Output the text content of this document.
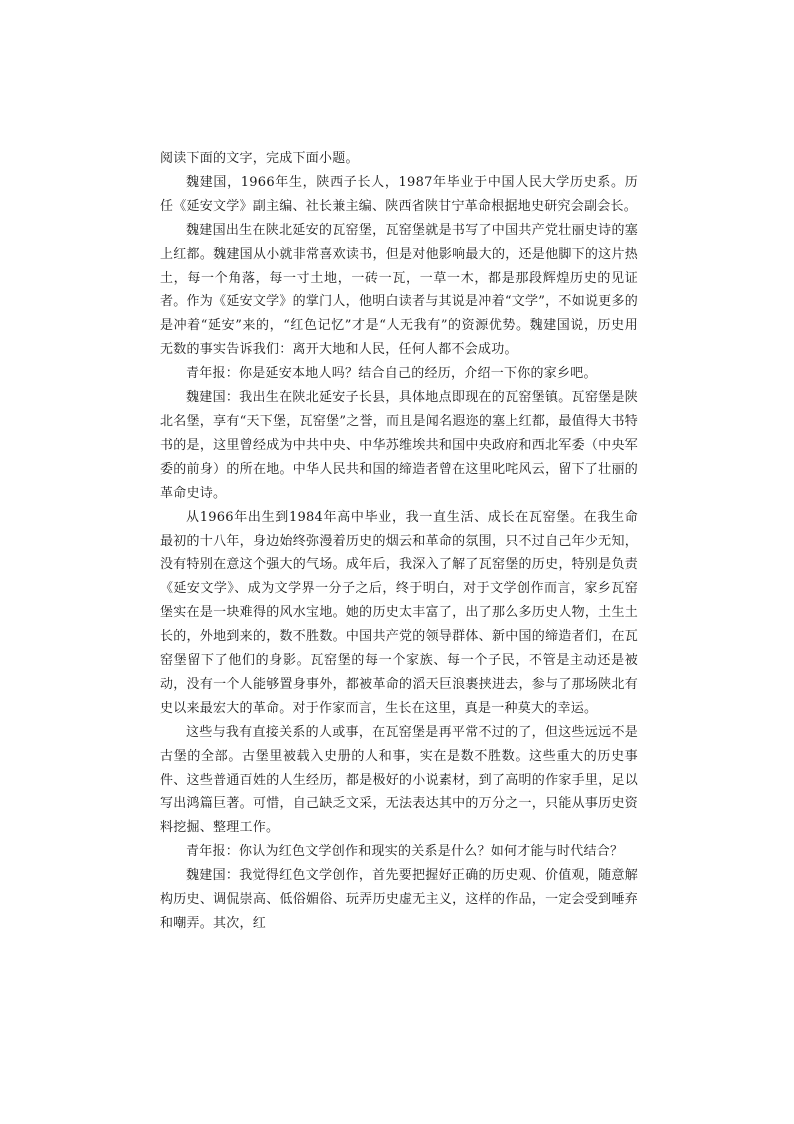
阅读下面的文字，完成下面小题。

魏建国，1966年生，陕西子长人，1987年毕业于中国人民大学历史系。历任《延安文学》副主编、社长兼主编、陕西省陕甘宁革命根据地史研究会副会长。

魏建国出生在陕北延安的瓦窑堡，瓦窑堡就是书写了中国共产党壮丽史诗的塞上红都。魏建国从小就非常喜欢读书，但是对他影响最大的，还是他脚下的这片热土，每一个角落，每一寸土地，一砖一瓦，一草一木，都是那段辉煌历史的见证者。作为《延安文学》的掌门人，他明白读者与其说是冲着“文学”，不如说更多的是冲着“延安”来的，“红色记忆”才是“人无我有”的资源优势。魏建国说，历史用无数的事实告诉我们：离开大地和人民，任何人都不会成功。

青年报：你是延安本地人吗？结合自己的经历，介绍一下你的家乡吧。

魏建国：我出生在陕北延安子长县，具体地点即现在的瓦窑堡镇。瓦窑堡是陕北名堡，享有“天下堡，瓦窑堡”之誉，而且是闻名遐迩的塞上红都，最值得大书特书的是，这里曾经成为中共中央、中华苏维埃共和国中央政府和西北军委（中央军委的前身）的所在地。中华人民共和国的缔造者曾在这里叱咤风云，留下了壮丽的革命史诗。

从1966年出生到1984年高中毕业，我一直生活、成长在瓦窑堡。在我生命最初的十八年，身边始终弥漫着历史的烟云和革命的氛围，只不过自己年少无知，没有特别在意这个强大的气场。成年后，我深入了解了瓦窑堡的历史，特别是负责《延安文学》、成为文学界一分子之后，终于明白，对于文学创作而言，家乡瓦窑堡实在是一块难得的风水宝地。她的历史太丰富了，出了那么多历史人物，土生土长的，外地到来的，数不胜数。中国共产党的领导群体、新中国的缔造者们，在瓦窑堡留下了他们的身影。瓦窑堡的每一个家族、每一个子民，不管是主动还是被动，没有一个人能够置身事外，都被革命的滔天巨浪裹挟进去，参与了那场陕北有史以来最宏大的革命。对于作家而言，生长在这里，真是一种莫大的幸运。

这些与我有直接关系的人或事，在瓦窑堡是再平常不过的了，但这些远远不是古堡的全部。古堡里被载入史册的人和事，实在是数不胜数。这些重大的历史事件、这些普通百姓的人生经历，都是极好的小说素材，到了高明的作家手里，足以写出鸿篇巨著。可惜，自己缺乏文采，无法表达其中的万分之一，只能从事历史资料挖掘、整理工作。

青年报：你认为红色文学创作和现实的关系是什么？如何才能与时代结合？

魏建国：我觉得红色文学创作，首先要把握好正确的历史观、价值观，随意解构历史、调侃崇高、低俗媚俗、玩弄历史虚无主义，这样的作品，一定会受到唾弃和嘲弄。其次，红
